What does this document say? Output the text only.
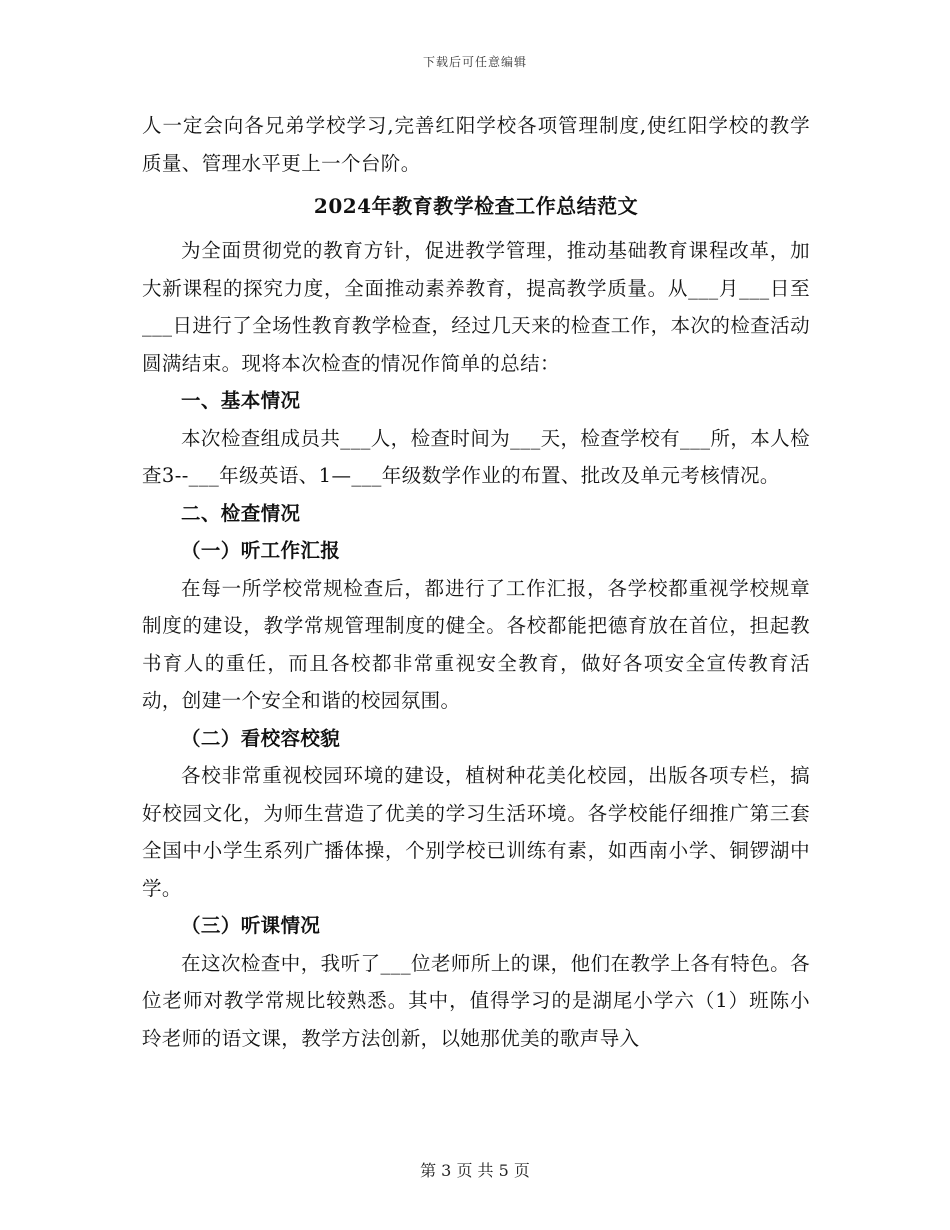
下载后可任意编辑

人一定会向各兄弟学校学习,完善红阳学校各项管理制度,使红阳学校的教学质量、管理水平更上一个台阶。

2024年教育教学检查工作总结范文

为全面贯彻党的教育方针，促进教学管理，推动基础教育课程改革，加大新课程的探究力度，全面推动素养教育，提高教学质量。从___月___日至___日进行了全场性教育教学检查，经过几天来的检查工作，本次的检查活动圆满结束。现将本次检查的情况作简单的总结：

一、基本情况

本次检查组成员共___人，检查时间为___天，检查学校有___所，本人检查3--___年级英语、1—___年级数学作业的布置、批改及单元考核情况。

二、检查情况

（一）听工作汇报

在每一所学校常规检查后，都进行了工作汇报，各学校都重视学校规章制度的建设，教学常规管理制度的健全。各校都能把德育放在首位，担起教书育人的重任，而且各校都非常重视安全教育，做好各项安全宣传教育活动，创建一个安全和谐的校园氛围。

（二）看校容校貌

各校非常重视校园环境的建设，植树种花美化校园，出版各项专栏，搞好校园文化，为师生营造了优美的学习生活环境。各学校能仔细推广第三套全国中小学生系列广播体操，个别学校已训练有素，如西南小学、铜锣湖中学。

（三）听课情况

在这次检查中，我听了___位老师所上的课，他们在教学上各有特色。各位老师对教学常规比较熟悉。其中，值得学习的是湖尾小学六（1）班陈小玲老师的语文课，教学方法创新，以她那优美的歌声导入

第 3 页 共 5 页
